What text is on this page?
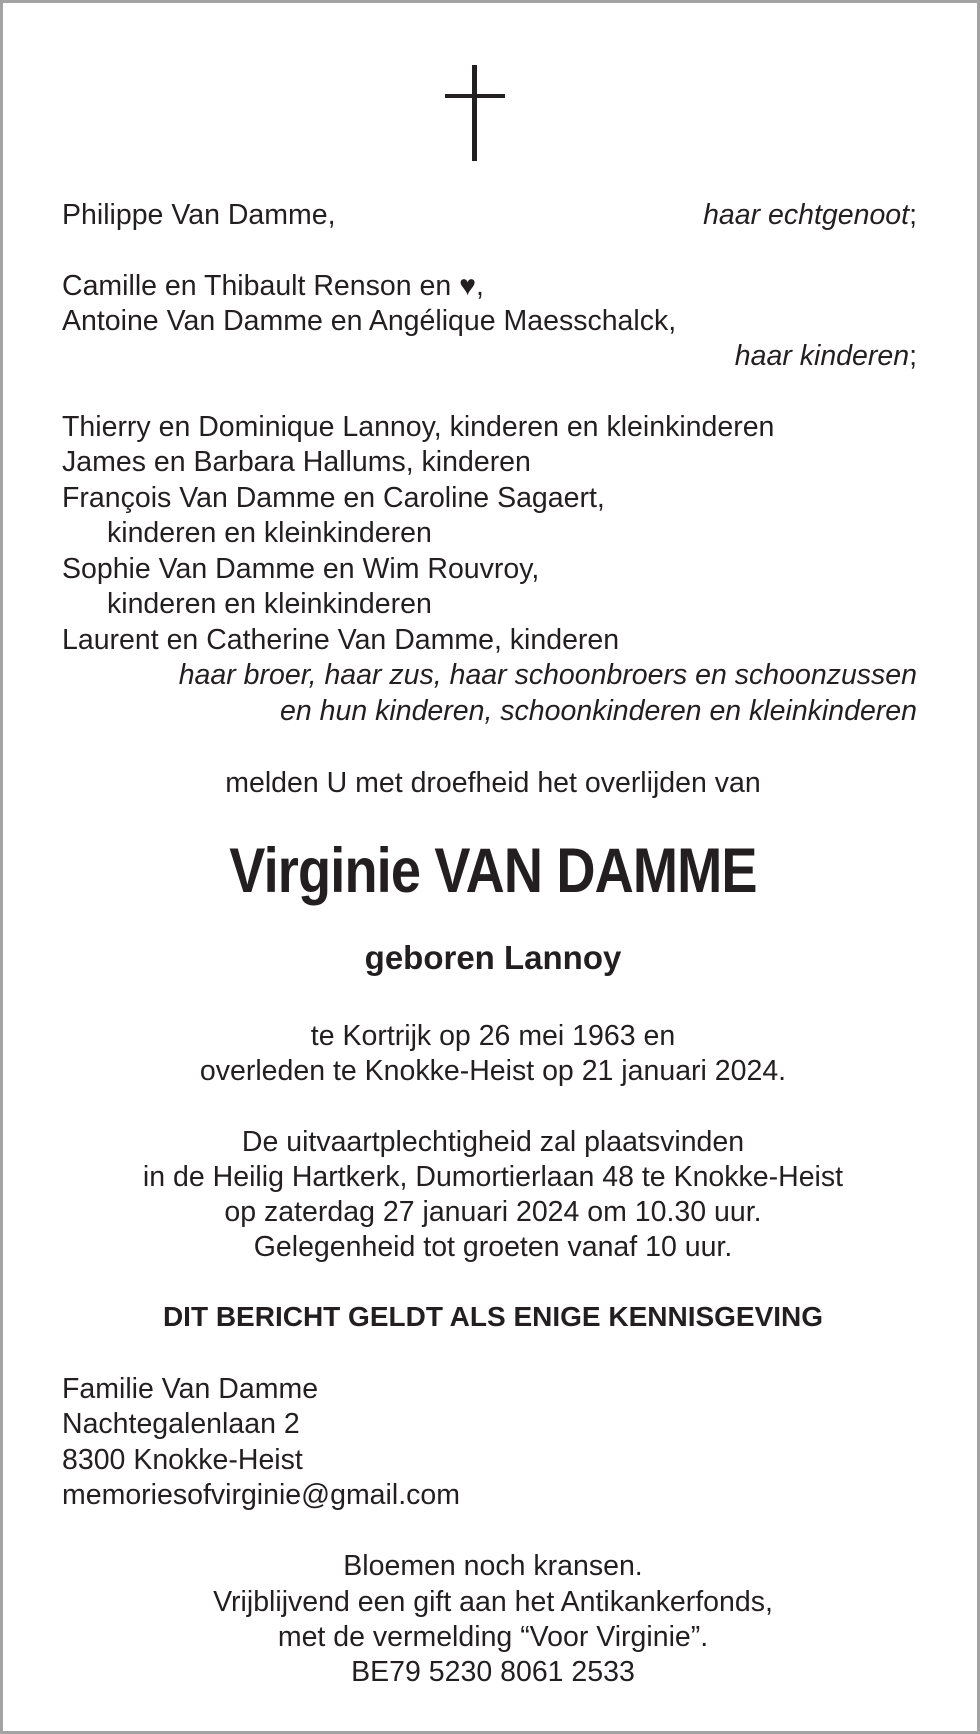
Philippe Van Damme,	haar echtgenoot;
Camille en Thibault Renson en ♥,
Antoine Van Damme en Angélique Maesschalck,
haar kinderen;
Thierry en Dominique Lannoy, kinderen en kleinkinderen
James en Barbara Hallums, kinderen
François Van Damme en Caroline Sagaert,
kinderen en kleinkinderen
Sophie Van Damme en Wim Rouvroy,
kinderen en kleinkinderen
Laurent en Catherine Van Damme, kinderen
haar broer, haar zus, haar schoonbroers en schoonzussen
en hun kinderen, schoonkinderen en kleinkinderen
melden U met droefheid het overlijden van
Virginie VAN DAMME
geboren Lannoy
te Kortrijk op 26 mei 1963 en
overleden te Knokke-Heist op 21 januari 2024.
De uitvaartplechtigheid zal plaatsvinden
in de Heilig Hartkerk, Dumortierlaan 48 te Knokke-Heist
op zaterdag 27 januari 2024 om 10.30 uur.
Gelegenheid tot groeten vanaf 10 uur.
DIT BERICHT GELDT ALS ENIGE KENNISGEVING
Familie Van Damme
Nachtegalenlaan 2
8300 Knokke-Heist
memoriesofvirginie@gmail.com
Bloemen noch kransen.
Vrijblijvend een gift aan het Antikankerfonds,
met de vermelding “Voor Virginie”.
BE79 5230 8061 2533
